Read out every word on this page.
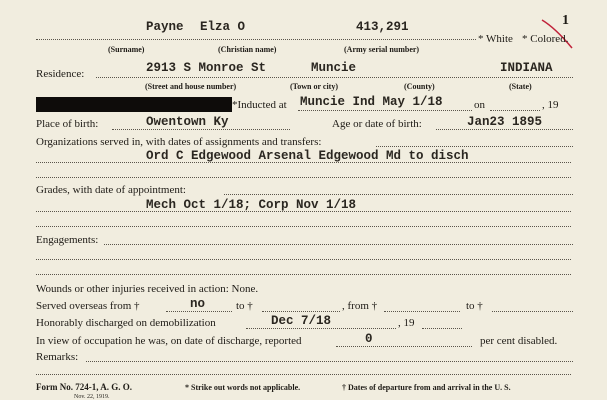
1
Payne Elza O	413,291
* White * Colored.
(Surname)	(Christian name)	(Army serial number)
Residence:	2913 S Monroe St	Muncie	INDIANA
(Street and house number)	(Town or city)	(County)	(State)
*Inducted at Muncie Ind May 1/18	on	, 19
Place of birth:	Owentown Ky	Age or date of birth:	Jan23 1895
Organizations served in, with dates of assignments and transfers:
Ord C Edgewood Arsenal Edgewood Md to disch
Grades, with date of appointment:
Mech Oct 1/18; Corp Nov 1/18
Engagements:
Wounds or other injuries received in action: None.
Served overseas from †	no	to †	, from †	to †
Honorably discharged on demobilization	Dec 7/18	, 19
In view of occupation he was, on date of discharge, reported	0	per cent disabled.
Remarks:
Form No. 724-1, A. G. O.
Nov. 22, 1919.
* Strike out words not applicable.	† Dates of departure from and arrival in the U. S.
